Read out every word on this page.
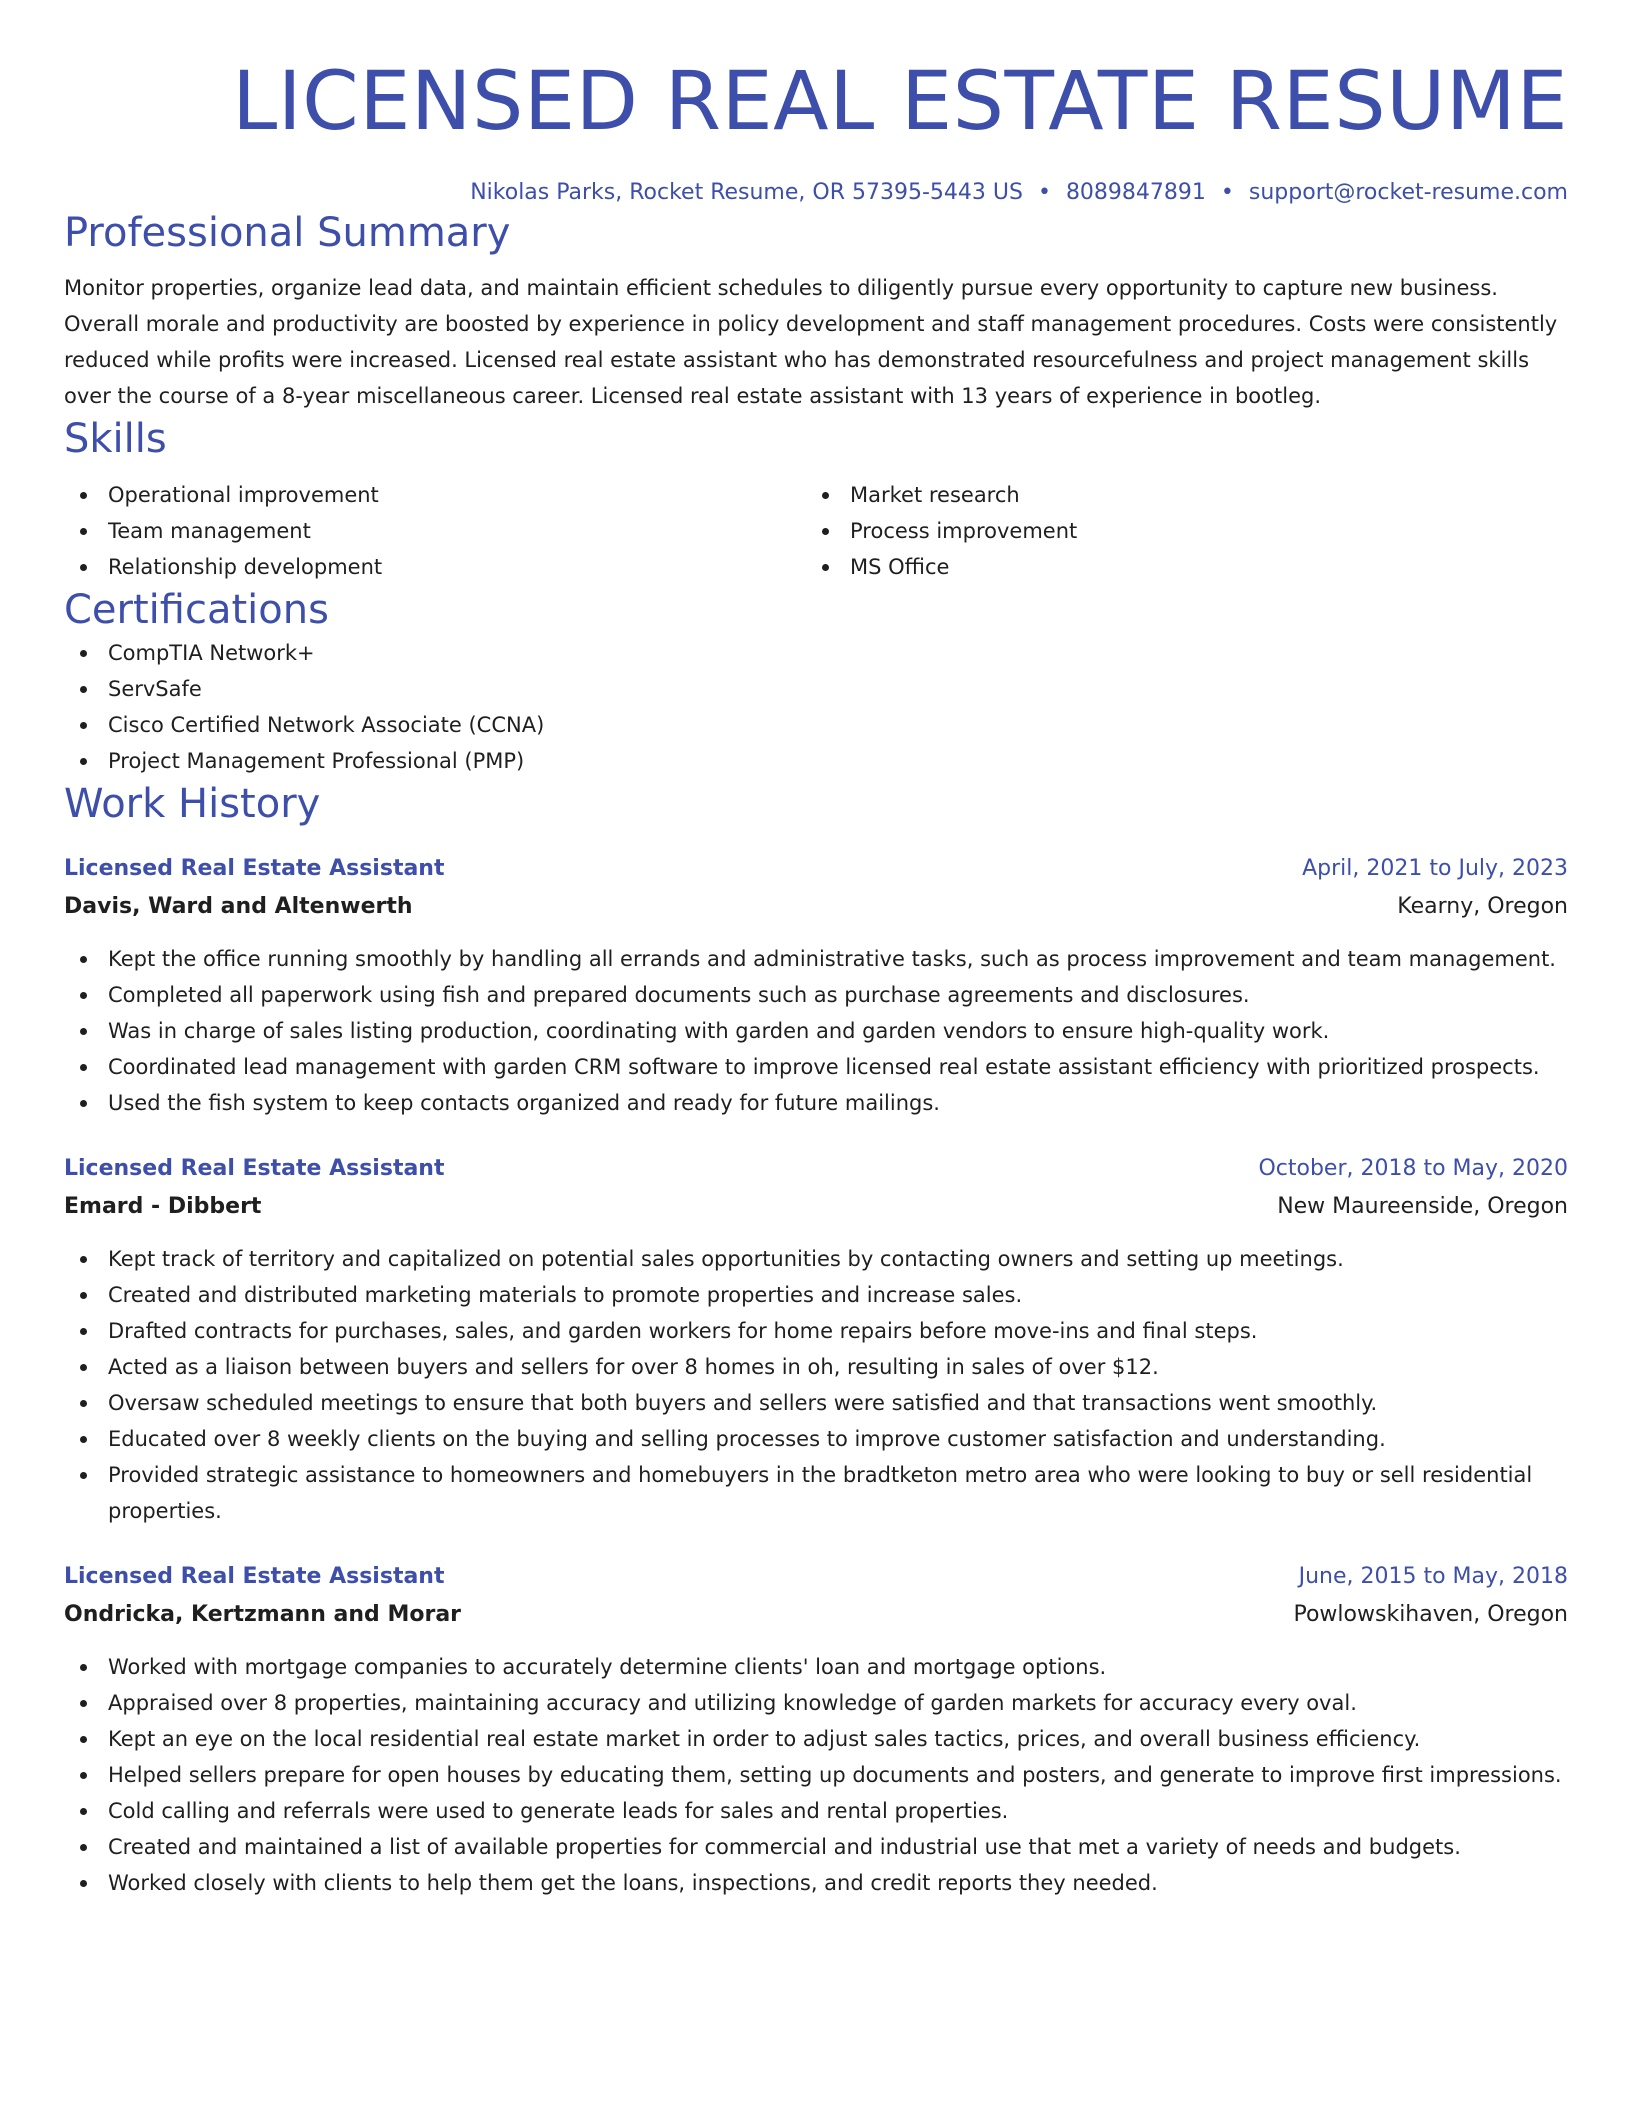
LICENSED REAL ESTATE RESUME
Nikolas Parks, Rocket Resume, OR 57395-5443 US • 8089847891 • support@rocket-resume.com
Professional Summary

Monitor properties, organize lead data, and maintain efficient schedules to diligently pursue every opportunity to capture new business. Overall morale and productivity are boosted by experience in policy development and staff management procedures. Costs were consistently reduced while profits were increased. Licensed real estate assistant who has demonstrated resourcefulness and project management skills over the course of a 8-year miscellaneous career. Licensed real estate assistant with 13 years of experience in bootleg.

Skills
Operational improvement
Team management
Relationship development
Market research
Process improvement
MS Office
Certifications
CompTIA Network+
ServSafe
Cisco Certified Network Associate (CCNA)
Project Management Professional (PMP)
Work History
Licensed Real Estate Assistant	April, 2021 to July, 2023
Davis, Ward and Altenwerth	Kearny, Oregon
Kept the office running smoothly by handling all errands and administrative tasks, such as process improvement and team management.
Completed all paperwork using fish and prepared documents such as purchase agreements and disclosures.
Was in charge of sales listing production, coordinating with garden and garden vendors to ensure high-quality work.
Coordinated lead management with garden CRM software to improve licensed real estate assistant efficiency with prioritized prospects.
Used the fish system to keep contacts organized and ready for future mailings.
Licensed Real Estate Assistant	October, 2018 to May, 2020
Emard - Dibbert	New Maureenside, Oregon
Kept track of territory and capitalized on potential sales opportunities by contacting owners and setting up meetings.
Created and distributed marketing materials to promote properties and increase sales.
Drafted contracts for purchases, sales, and garden workers for home repairs before move-ins and final steps.
Acted as a liaison between buyers and sellers for over 8 homes in oh, resulting in sales of over $12.
Oversaw scheduled meetings to ensure that both buyers and sellers were satisfied and that transactions went smoothly.
Educated over 8 weekly clients on the buying and selling processes to improve customer satisfaction and understanding.
Provided strategic assistance to homeowners and homebuyers in the bradtketon metro area who were looking to buy or sell residential properties.
Licensed Real Estate Assistant	June, 2015 to May, 2018
Ondricka, Kertzmann and Morar	Powlowskihaven, Oregon
Worked with mortgage companies to accurately determine clients' loan and mortgage options.
Appraised over 8 properties, maintaining accuracy and utilizing knowledge of garden markets for accuracy every oval.
Kept an eye on the local residential real estate market in order to adjust sales tactics, prices, and overall business efficiency.
Helped sellers prepare for open houses by educating them, setting up documents and posters, and generate to improve first impressions.
Cold calling and referrals were used to generate leads for sales and rental properties.
Created and maintained a list of available properties for commercial and industrial use that met a variety of needs and budgets.
Worked closely with clients to help them get the loans, inspections, and credit reports they needed.
